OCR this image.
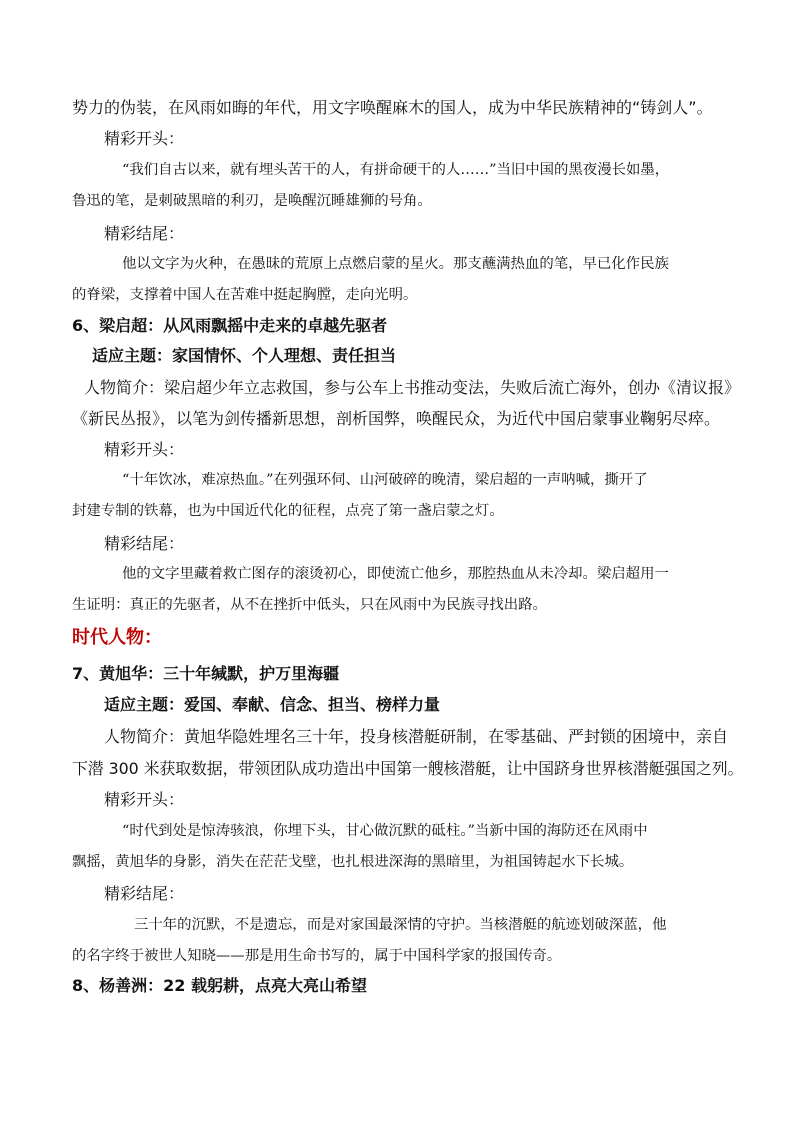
势力的伪装，在风雨如晦的年代，用文字唤醒麻木的国人，成为中华民族精神的“铸剑人”。
精彩开头：
“我们自古以来，就有埋头苦干的人，有拼命硬干的人……”当旧中国的黑夜漫长如墨，
鲁迅的笔，是刺破黑暗的利刃，是唤醒沉睡雄狮的号角。
精彩结尾：
他以文字为火种，在愚昧的荒原上点燃启蒙的星火。那支蘸满热血的笔，早已化作民族
的脊梁，支撑着中国人在苦难中挺起胸膛，走向光明。
6、梁启超：从风雨飘摇中走来的卓越先驱者
适应主题：家国情怀、个人理想、责任担当
人物简介：梁启超少年立志救国，参与公车上书推动变法，失败后流亡海外，创办《清议报》
《新民丛报》，以笔为剑传播新思想，剖析国弊，唤醒民众，为近代中国启蒙事业鞠躬尽瘁。
精彩开头：
“十年饮冰，难凉热血。”在列强环伺、山河破碎的晚清，梁启超的一声呐喊，撕开了
封建专制的铁幕，也为中国近代化的征程，点亮了第一盏启蒙之灯。
精彩结尾：
他的文字里藏着救亡图存的滚烫初心，即使流亡他乡，那腔热血从未冷却。梁启超用一
生证明：真正的先驱者，从不在挫折中低头，只在风雨中为民族寻找出路。
时代人物：
7、黄旭华：三十年缄默，护万里海疆
适应主题：爱国、奉献、信念、担当、榜样力量
人物简介：黄旭华隐姓埋名三十年，投身核潜艇研制，在零基础、严封锁的困境中，亲自
下潜 300 米获取数据，带领团队成功造出中国第一艘核潜艇，让中国跻身世界核潜艇强国之列。
精彩开头：
“时代到处是惊涛骇浪，你埋下头，甘心做沉默的砥柱。”当新中国的海防还在风雨中
飘摇，黄旭华的身影，消失在茫茫戈壁，也扎根进深海的黑暗里，为祖国铸起水下长城。
精彩结尾：
三十年的沉默，不是遗忘，而是对家国最深情的守护。当核潜艇的航迹划破深蓝，他
的名字终于被世人知晓——那是用生命书写的，属于中国科学家的报国传奇。
8、杨善洲：22 载躬耕，点亮大亮山希望
